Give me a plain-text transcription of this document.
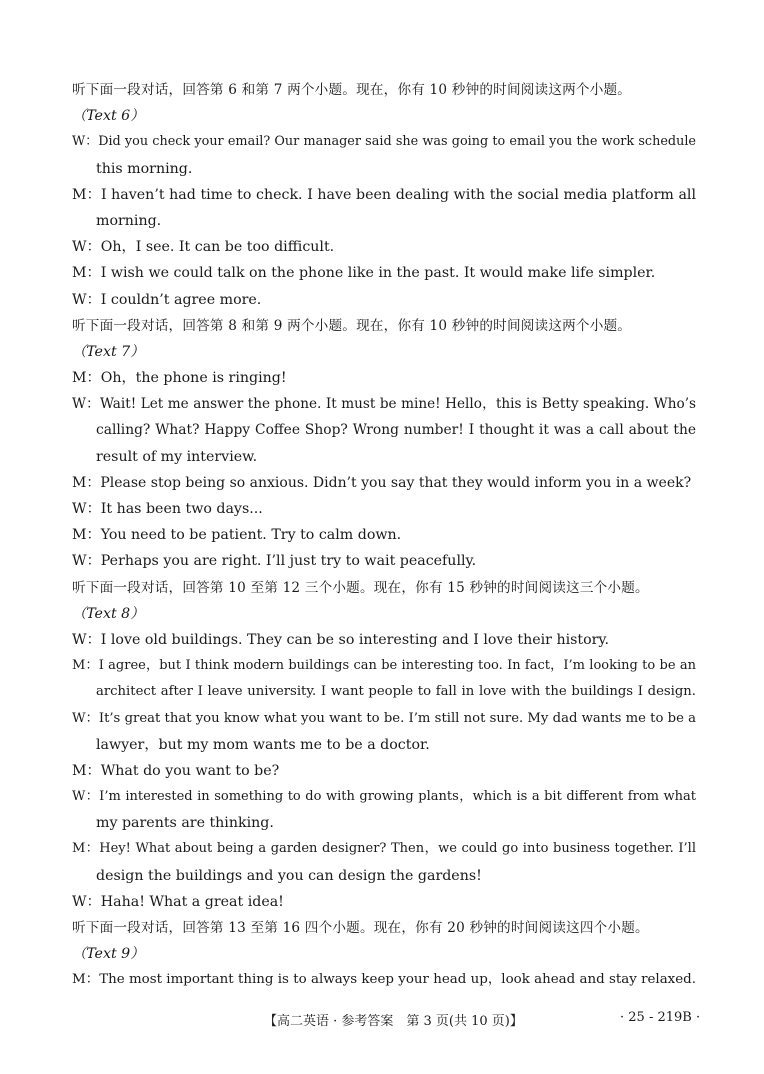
听下面一段对话，回答第 6 和第 7 两个小题。现在，你有 10 秒钟的时间阅读这两个小题。
（Text 6）
W：Did you check your email? Our manager said she was going to email you the work schedule
this morning.
M：I haven’t had time to check. I have been dealing with the social media platform all
morning.
W：Oh，I see. It can be too difficult.
M：I wish we could talk on the phone like in the past. It would make life simpler.
W：I couldn’t agree more.
听下面一段对话，回答第 8 和第 9 两个小题。现在，你有 10 秒钟的时间阅读这两个小题。
（Text 7）
M：Oh，the phone is ringing!
W：Wait! Let me answer the phone. It must be mine! Hello，this is Betty speaking. Who’s
calling? What? Happy Coffee Shop? Wrong number! I thought it was a call about the
result of my interview.
M：Please stop being so anxious. Didn’t you say that they would inform you in a week?
W：It has been two days...
M：You need to be patient. Try to calm down.
W：Perhaps you are right. I’ll just try to wait peacefully.
听下面一段对话，回答第 10 至第 12 三个小题。现在，你有 15 秒钟的时间阅读这三个小题。
（Text 8）
W：I love old buildings. They can be so interesting and I love their history.
M：I agree，but I think modern buildings can be interesting too. In fact，I’m looking to be an
architect after I leave university. I want people to fall in love with the buildings I design.
W：It’s great that you know what you want to be. I’m still not sure. My dad wants me to be a
lawyer，but my mom wants me to be a doctor.
M：What do you want to be?
W：I’m interested in something to do with growing plants，which is a bit different from what
my parents are thinking.
M：Hey! What about being a garden designer? Then，we could go into business together. I’ll
design the buildings and you can design the gardens!
W：Haha! What a great idea!
听下面一段对话，回答第 13 至第 16 四个小题。现在，你有 20 秒钟的时间阅读这四个小题。
（Text 9）
M：The most important thing is to always keep your head up，look ahead and stay relaxed.
【高二英语 · 参考答案　第 3 页(共 10 页)】	· 25 - 219B ·
